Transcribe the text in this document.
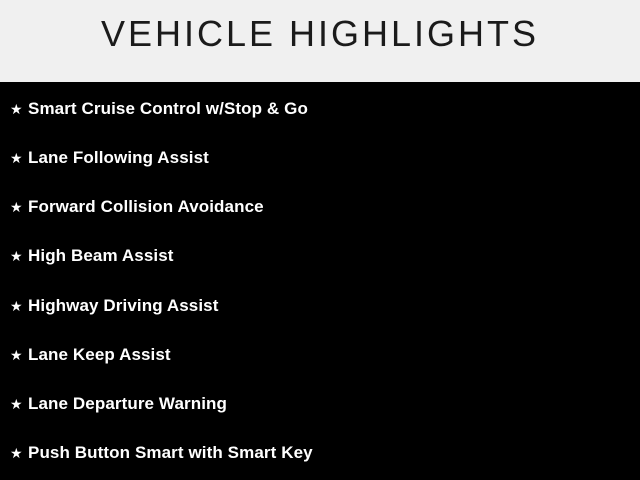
VEHICLE HIGHLIGHTS
★ Smart Cruise Control w/Stop & Go
★ Lane Following Assist
★ Forward Collision Avoidance
★ High Beam Assist
★ Highway Driving Assist
★ Lane Keep Assist
★ Lane Departure Warning
★ Push Button Smart with Smart Key
